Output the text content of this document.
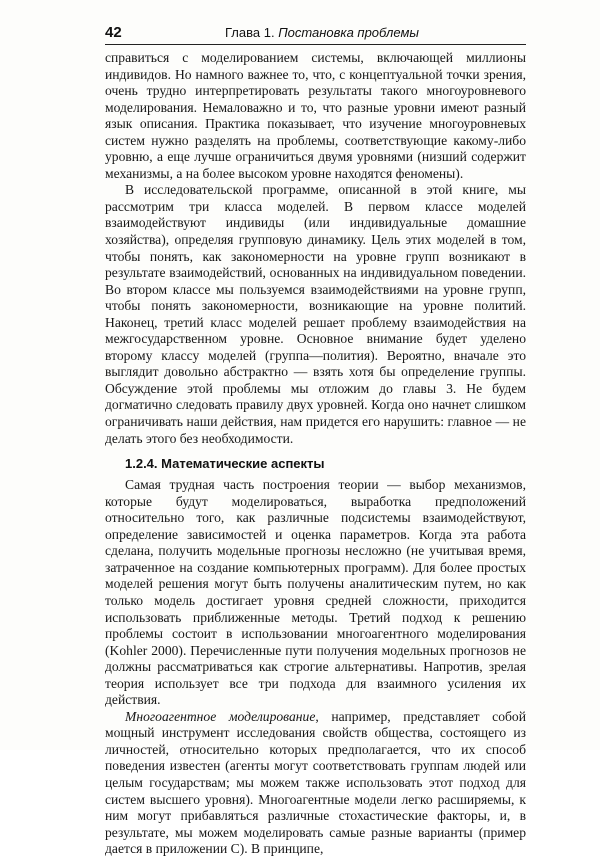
42	Глава 1. Постановка проблемы

справиться с моделированием системы, включающей миллионы индивидов. Но намного важнее то, что, с концептуальной точки зрения, очень трудно интерпретировать результаты такого многоуровневого моделирования. Немаловажно и то, что разные уровни имеют разный язык описания. Практика показывает, что изучение многоуровневых систем нужно разделять на проблемы, соответствующие какому-либо уровню, а еще лучше ограничиться двумя уровнями (низший содержит механизмы, а на более высоком уровне находятся феномены).

В исследовательской программе, описанной в этой книге, мы рассмотрим три класса моделей. В первом классе моделей взаимодействуют индивиды (или индивидуальные домашние хозяйства), определяя групповую динамику. Цель этих моделей в том, чтобы понять, как закономерности на уровне групп возникают в результате взаимодействий, основанных на индивидуальном поведении. Во втором классе мы пользуемся взаимодействиями на уровне групп, чтобы понять закономерности, возникающие на уровне политий. Наконец, третий класс моделей решает проблему взаимодействия на межгосударственном уровне. Основное внимание будет уделено второму классу моделей (группа—полития). Вероятно, вначале это выглядит довольно абстрактно — взять хотя бы определение группы. Обсуждение этой проблемы мы отложим до главы 3. Не будем догматично следовать правилу двух уровней. Когда оно начнет слишком ограничивать наши действия, нам придется его нарушить: главное — не делать этого без необходимости.

1.2.4. Математические аспекты

Самая трудная часть построения теории — выбор механизмов, которые будут моделироваться, выработка предположений относительно того, как различные подсистемы взаимодействуют, определение зависимостей и оценка параметров. Когда эта работа сделана, получить модельные прогнозы несложно (не учитывая время, затраченное на создание компьютерных программ). Для более простых моделей решения могут быть получены аналитическим путем, но как только модель достигает уровня средней сложности, приходится использовать приближенные методы. Третий подход к решению проблемы состоит в использовании многоагентного моделирования (Kohler 2000). Перечисленные пути получения модельных прогнозов не должны рассматриваться как строгие альтернативы. Напротив, зрелая теория использует все три подхода для взаимного усиления их действия.

Многоагентное моделирование, например, представляет собой мощный инструмент исследования свойств общества, состоящего из личностей, относительно которых предполагается, что их способ поведения известен (агенты могут соответствовать группам людей или целым государствам; мы можем также использовать этот подход для систем высшего уровня). Многоагентные модели легко расширяемы, к ним могут прибавляться различные стохастические факторы, и, в результате, мы можем моделировать самые разные варианты (пример дается в приложении C). В принципе,
